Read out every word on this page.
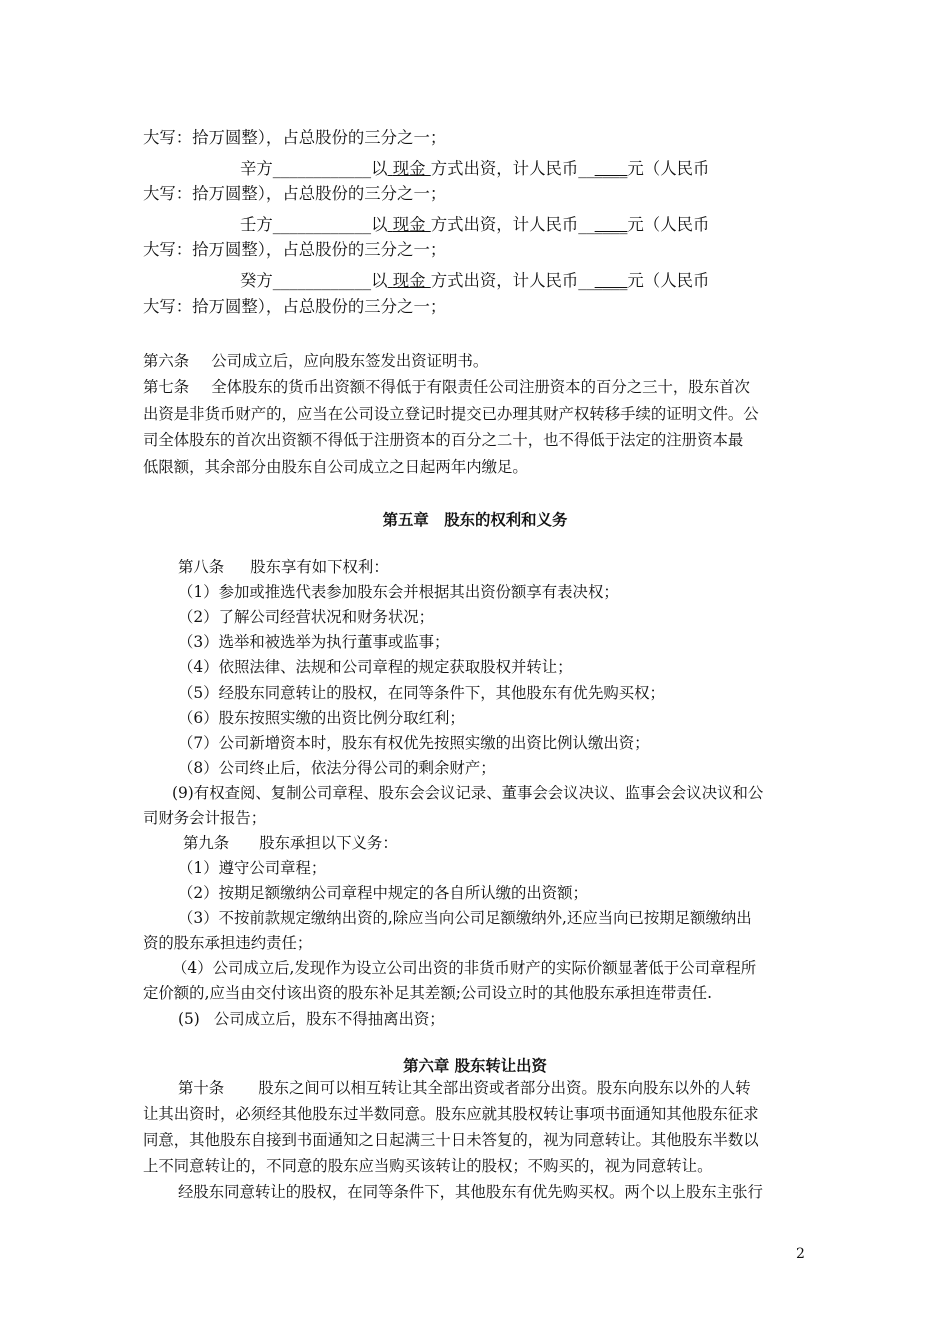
大写：拾万圆整），占总股份的三分之一；
辛方____________以 现金 方式出资，计人民币______元（人民币
大写：拾万圆整），占总股份的三分之一；
壬方____________以 现金 方式出资，计人民币______元（人民币
大写：拾万圆整），占总股份的三分之一；
癸方____________以 现金 方式出资，计人民币______元（人民币
大写：拾万圆整），占总股份的三分之一；
第六条 公司成立后，应向股东签发出资证明书。
第七条 全体股东的货币出资额不得低于有限责任公司注册资本的百分之三十，股东首次
出资是非货币财产的，应当在公司设立登记时提交已办理其财产权转移手续的证明文件。公
司全体股东的首次出资额不得低于注册资本的百分之二十，也不得低于法定的注册资本最
低限额，其余部分由股东自公司成立之日起两年内缴足。
第五章　股东的权利和义务
第八条 股东享有如下权利：
（1）参加或推选代表参加股东会并根据其出资份额享有表决权；
（2）了解公司经营状况和财务状况；
（3）选举和被选举为执行董事或监事；
（4）依照法律、法规和公司章程的规定获取股权并转让；
（5）经股东同意转让的股权，在同等条件下，其他股东有优先购买权；
（6）股东按照实缴的出资比例分取红利；
（7）公司新增资本时，股东有权优先按照实缴的出资比例认缴出资；
（8）公司终止后，依法分得公司的剩余财产；
(9)有权查阅、复制公司章程、股东会会议记录、董事会会议决议、监事会会议决议和公
司财务会计报告；
第九条 股东承担以下义务：
（1）遵守公司章程；
（2）按期足额缴纳公司章程中规定的各自所认缴的出资额；
（3）不按前款规定缴纳出资的,除应当向公司足额缴纳外,还应当向已按期足额缴纳出
资的股东承担违约责任；
（4）公司成立后,发现作为设立公司出资的非货币财产的实际价额显著低于公司章程所
定价额的,应当由交付该出资的股东补足其差额;公司设立时的其他股东承担连带责任.
(5) 公司成立后，股东不得抽离出资；
第六章 股东转让出资
第十条 股东之间可以相互转让其全部出资或者部分出资。股东向股东以外的人转
让其出资时，必须经其他股东过半数同意。股东应就其股权转让事项书面通知其他股东征求
同意，其他股东自接到书面通知之日起满三十日未答复的，视为同意转让。其他股东半数以
上不同意转让的，不同意的股东应当购买该转让的股权；不购买的，视为同意转让。
经股东同意转让的股权，在同等条件下，其他股东有优先购买权。两个以上股东主张行
2
